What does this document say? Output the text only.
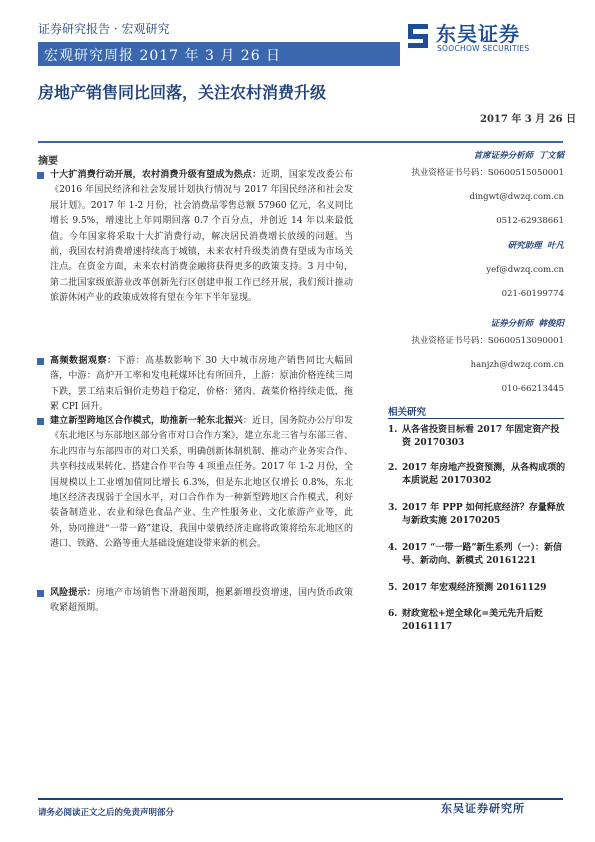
证券研究报告 · 宏观研究
宏观研究周报 2017 年 3 月 26 日
东吴证券
SOOCHOW SECURITIES
房地产销售同比回落，关注农村消费升级
2017 年 3 月 26 日
摘要
十大扩消费行动开展，农村消费升级有望成为热点：近期，国家发改委公布《2016 年国民经济和社会发展计划执行情况与 2017 年国民经济和社会发展计划》。2017 年 1-2 月份，社会消费品零售总额 57960 亿元，名义同比增长 9.5%，增速比上年同期回落 0.7 个百分点，并创近 14 年以来最低值。今年国家将采取十大扩消费行动，解决居民消费增长放缓的问题。当前，我国农村消费增速持续高于城镇，未来农村升级类消费有望成为市场关注点。在资金方面，未来农村消费金融将获得更多的政策支持。3 月中旬，第二批国家级旅游业改革创新先行区创建申报工作已经开展，我们预计推动旅游休闲产业的政策成效将有望在今年下半年显现。
高频数据观察：下游：高基数影响下 30 大中城市房地产销售同比大幅回落，中游：高炉开工率和发电耗煤环比有所回升，上游：原油价格连续三周下跌，罢工结束后铜价走势趋于稳定，价格：猪肉、蔬菜价格持续走低，拖累 CPI 回升。
建立新型跨地区合作模式，助推新一轮东北振兴：近日，国务院办公厅印发《东北地区与东部地区部分省市对口合作方案》，建立东北三省与东部三省、东北四市与东部四市的对口关系，明确创新体制机制、推动产业务实合作、共享科技成果转化、搭建合作平台等 4 项重点任务。2017 年 1-2 月份，全国规模以上工业增加值同比增长 6.3%，但是东北地区仅增长 0.8%，东北地区经济表现弱于全国水平，对口合作作为一种新型跨地区合作模式，利好装备制造业、农业和绿色食品产业、生产性服务业、文化旅游产业等，此外，协同推进“一带一路”建设，我国中蒙俄经济走廊将政策将给东北地区的港口、铁路、公路等重大基础设施建设带来新的机会。
风险提示：房地产市场销售下滑超预期，拖累新增投资增速，国内货币政策收紧超预期。
首席证券分析师 丁文韬
执业资格证书号码：S0600515050001
dingwt@dwzq.com.cn
0512-62938661
研究助理 叶凡
yef@dwzq.com.cn
021-60199774
证券分析师 韩俊阳
执业资格证书号码：S0600513090001
hanjzh@dwzq.com.cn
010-66213445
相关研究
1. 从各省投资目标看 2017 年固定资产投资 20170303
2. 2017 年房地产投资预测，从各构成项的本质说起 20170302
3. 2017 年 PPP 如何托底经济？存量释放与新政实施 20170205
4. 2017 “一带一路”新生系列（一）：新信号、新动向、新模式 20161221
5. 2017 年宏观经济预测 20161129
6. 财政宽松+逆全球化=美元先升后贬 20161117
请务必阅读正文之后的免责声明部分	东吴证券研究所
